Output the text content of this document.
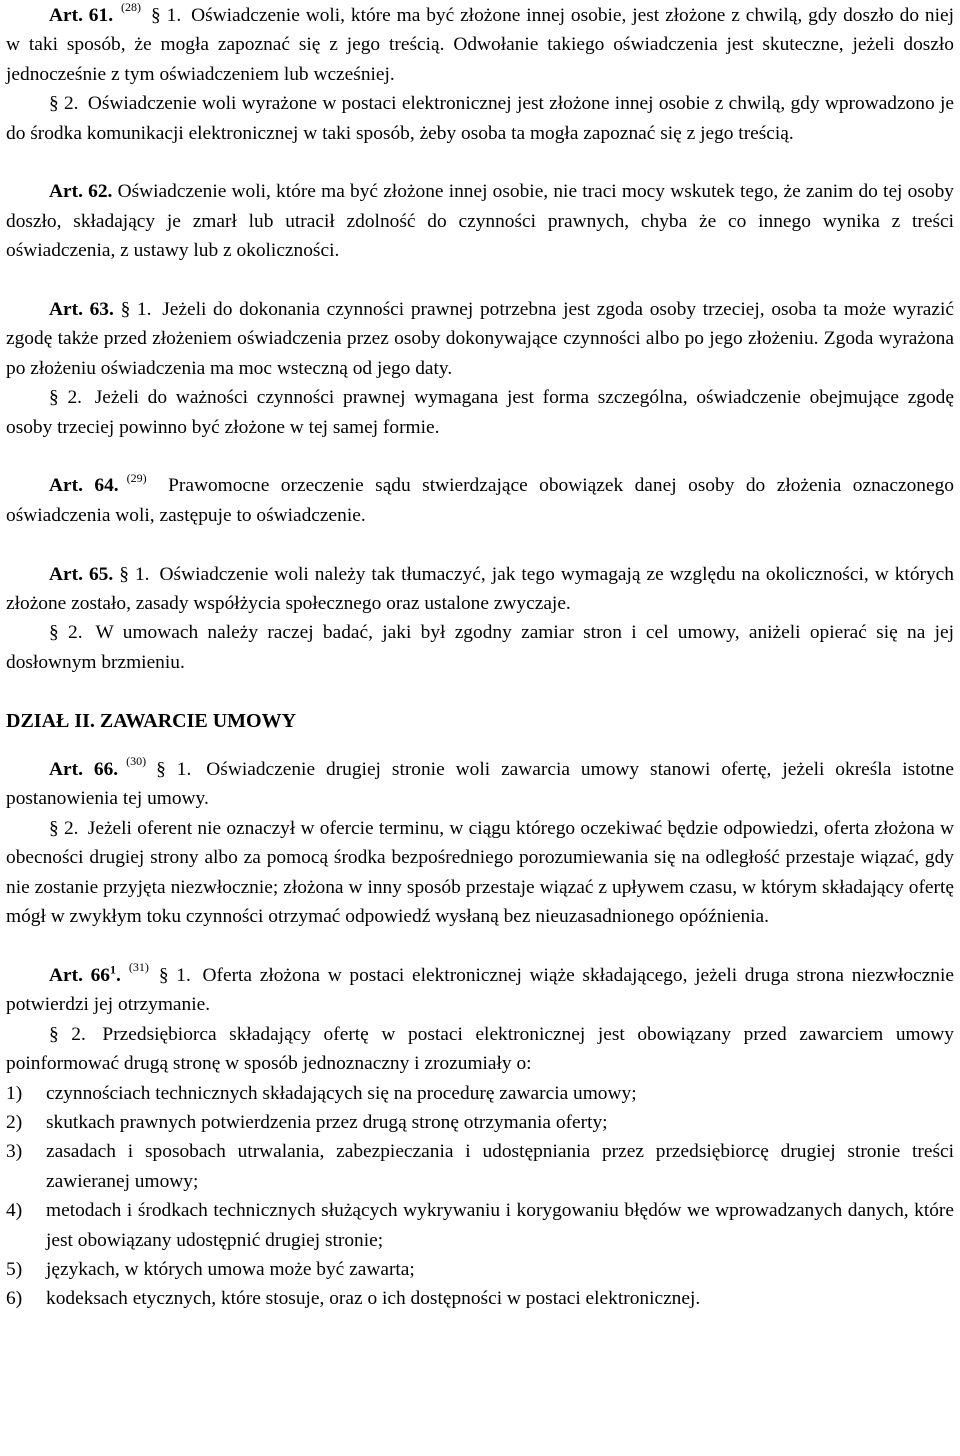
Art. 61. $^{(28)}$ § 1. Oświadczenie woli, które ma być złożone innej osobie, jest złożone z chwilą, gdy doszło do niej w taki sposób, że mogła zapoznać się z jego treścią. Odwołanie takiego oświadczenia jest skuteczne, jeżeli doszło jednocześnie z tym oświadczeniem lub wcześniej.

§ 2. Oświadczenie woli wyrażone w postaci elektronicznej jest złożone innej osobie z chwilą, gdy wprowadzono je do środka komunikacji elektronicznej w taki sposób, żeby osoba ta mogła zapoznać się z jego treścią.

Art. 62. Oświadczenie woli, które ma być złożone innej osobie, nie traci mocy wskutek tego, że zanim do tej osoby doszło, składający je zmarł lub utracił zdolność do czynności prawnych, chyba że co innego wynika z treści oświadczenia, z ustawy lub z okoliczności.

Art. 63. § 1. Jeżeli do dokonania czynności prawnej potrzebna jest zgoda osoby trzeciej, osoba ta może wyrazić zgodę także przed złożeniem oświadczenia przez osoby dokonywające czynności albo po jego złożeniu. Zgoda wyrażona po złożeniu oświadczenia ma moc wsteczną od jego daty.

§ 2. Jeżeli do ważności czynności prawnej wymagana jest forma szczególna, oświadczenie obejmujące zgodę osoby trzeciej powinno być złożone w tej samej formie.

Art. 64. $^{(29)}$ Prawomocne orzeczenie sądu stwierdzające obowiązek danej osoby do złożenia oznaczonego oświadczenia woli, zastępuje to oświadczenie.

Art. 65. § 1. Oświadczenie woli należy tak tłumaczyć, jak tego wymagają ze względu na okoliczności, w których złożone zostało, zasady współżycia społecznego oraz ustalone zwyczaje.

§ 2. W umowach należy raczej badać, jaki był zgodny zamiar stron i cel umowy, aniżeli opierać się na jej dosłownym brzmieniu.

DZIAŁ II. ZAWARCIE UMOWY

Art. 66. $^{(30)}$ § 1. Oświadczenie drugiej stronie woli zawarcia umowy stanowi ofertę, jeżeli określa istotne postanowienia tej umowy.

§ 2. Jeżeli oferent nie oznaczył w ofercie terminu, w ciągu którego oczekiwać będzie odpowiedzi, oferta złożona w obecności drugiej strony albo za pomocą środka bezpośredniego porozumiewania się na odległość przestaje wiązać, gdy nie zostanie przyjęta niezwłocznie; złożona w inny sposób przestaje wiązać z upływem czasu, w którym składający ofertę mógł w zwykłym toku czynności otrzymać odpowiedź wysłaną bez nieuzasadnionego opóźnienia.

Art. $66^1$. $^{(31)}$ § 1. Oferta złożona w postaci elektronicznej wiąże składającego, jeżeli druga strona niezwłocznie potwierdzi jej otrzymanie.

§ 2. Przedsiębiorca składający ofertę w postaci elektronicznej jest obowiązany przed zawarciem umowy poinformować drugą stronę w sposób jednoznaczny i zrozumiały o:

1)	czynnościach technicznych składających się na procedurę zawarcia umowy;
2)	skutkach prawnych potwierdzenia przez drugą stronę otrzymania oferty;
3)	zasadach i sposobach utrwalania, zabezpieczania i udostępniania przez przedsiębiorcę drugiej stronie treści zawieranej umowy;
4)	metodach i środkach technicznych służących wykrywaniu i korygowaniu błędów we wprowadzanych danych, które jest obowiązany udostępnić drugiej stronie;
5)	językach, w których umowa może być zawarta;
6)	kodeksach etycznych, które stosuje, oraz o ich dostępności w postaci elektronicznej.
